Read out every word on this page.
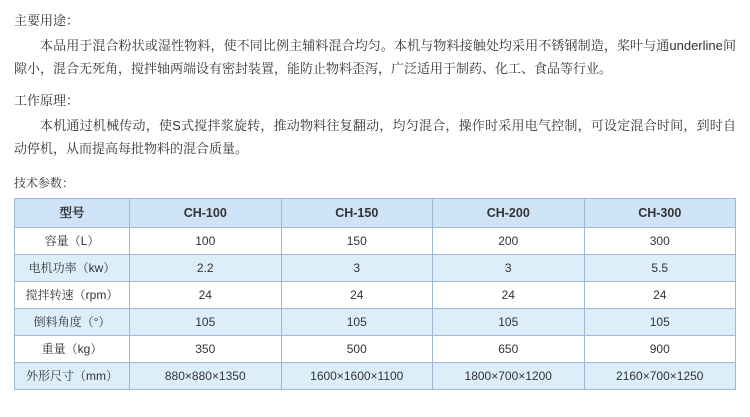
主要用途：

本品用于混合粉状或湿性物料，使不同比例主辅料混合均匀。本机与物料接触处均采用不锈钢制造，桨叶与通underline间隙小，混合无死角，搅拌轴两端设有密封装置，能防止物料歪泻，广泛适用于制药、化工、食品等行业。

工作原理：

本机通过机械传动，使S式搅拌浆旋转，推动物料往复翻动，均匀混合，操作时采用电气控制，可设定混合时间，到时自动停机，从而提高每批物料的混合质量。

技术参数：
型号	CH-100	CH-150	CH-200	CH-300
容量（L）	100	150	200	300
电机功率（kw）	2.2	3	3	5.5
搅拌转速（rpm）	24	24	24	24
倒料角度（°）	105	105	105	105
重量（kg）	350	500	650	900
外形尺寸（mm）	880×880×1350	1600×1600×1100	1800×700×1200	2160×700×1250
